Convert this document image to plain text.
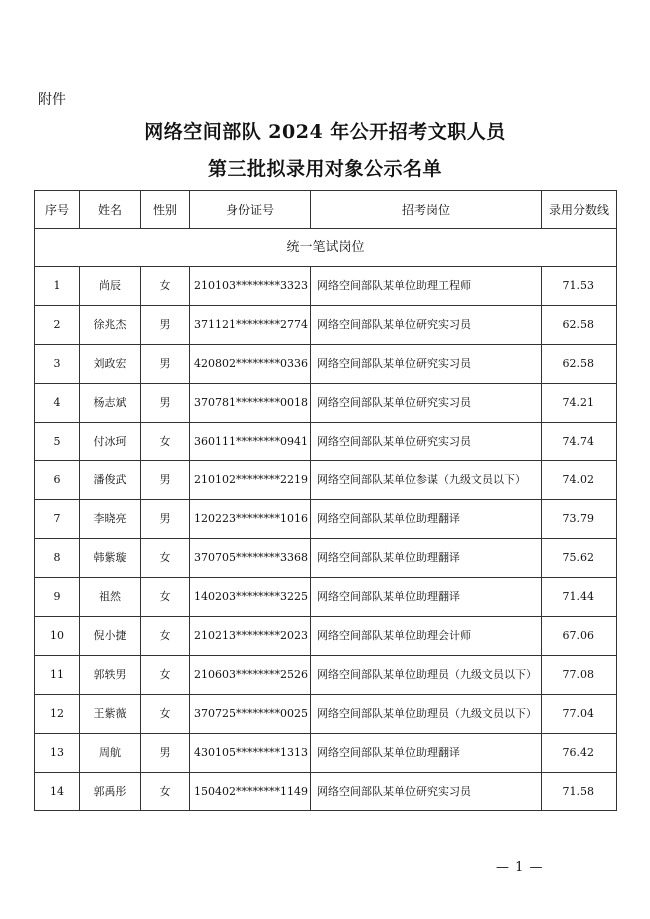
附件
网络空间部队 2024 年公开招考文职人员
第三批拟录用对象公示名单
序号	姓名	性别	身份证号	招考岗位	录用分数线
统一笔试岗位					
1	尚辰	女	210103********3323	网络空间部队某单位助理工程师	71.53
2	徐兆杰	男	371121********2774	网络空间部队某单位研究实习员	62.58
3	刘政宏	男	420802********0336	网络空间部队某单位研究实习员	62.58
4	杨志斌	男	370781********0018	网络空间部队某单位研究实习员	74.21
5	付冰珂	女	360111********0941	网络空间部队某单位研究实习员	74.74
6	潘俊武	男	210102********2219	网络空间部队某单位参谋（九级文员以下）	74.02
7	李晓亮	男	120223********1016	网络空间部队某单位助理翻译	73.79
8	韩紫璇	女	370705********3368	网络空间部队某单位助理翻译	75.62
9	祖然	女	140203********3225	网络空间部队某单位助理翻译	71.44
10	倪小捷	女	210213********2023	网络空间部队某单位助理会计师	67.06
11	郭轶男	女	210603********2526	网络空间部队某单位助理员（九级文员以下）	77.08
12	王紫薇	女	370725********0025	网络空间部队某单位助理员（九级文员以下）	77.04
13	周航	男	430105********1313	网络空间部队某单位助理翻译	76.42
14	郭禹彤	女	150402********1149	网络空间部队某单位研究实习员	71.58
— 1 —
